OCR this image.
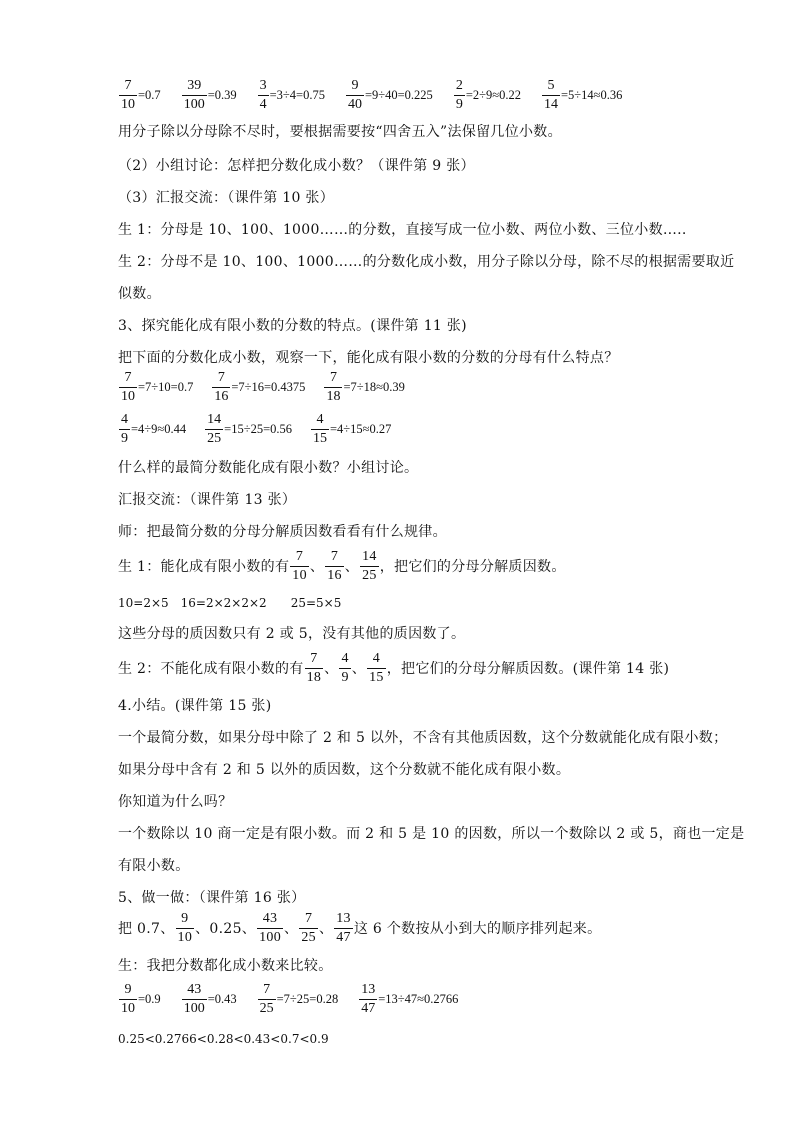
$\frac{7}{10} =0.7 \frac{39}{100} =0.39 \frac{3}{4} =3\div 4=0.75 \frac{9}{40} =9\div 40=0.225 \frac{2}{9} =2\div 9\approx 0.22 \frac{5}{14} =5\div 14\approx 0.36$
用分子除以分母除不尽时，要根据需要按“四舍五入”法保留几位小数。
（2）小组讨论：怎样把分数化成小数？（课件第 9 张）
（3）汇报交流：（课件第 10 张）
生 1：分母是 10、100、1000……的分数，直接写成一位小数、两位小数、三位小数…..
生 2：分母不是 10、100、1000……的分数化成小数，用分子除以分母，除不尽的根据需要取近
似数。
3、探究能化成有限小数的分数的特点。(课件第 11 张)
把下面的分数化成小数，观察一下，能化成有限小数的分数的分母有什么特点？
$\frac{7}{10} =7\div 10=0.7 \frac{7}{16} =7\div 16=0.4375 \frac{7}{18} =7\div 18\approx 0.39$
$\frac{4}{9} =4\div 9\approx 0.44 \frac{14}{25} =15\div 25=0.56 \frac{4}{15} =4\div 15\approx 0.27$
什么样的最简分数能化成有限小数？小组讨论。
汇报交流：（课件第 13 张）
师：把最简分数的分母分解质因数看看有什么规律。
生 1：能化成有限小数的有 $\frac{7}{10}$ 、 $\frac{7}{16}$ 、 $\frac{14}{25}$ ，把它们的分母分解质因数。
10=2×5 16=2×2×2×2 25=5×5
这些分母的质因数只有 2 或 5，没有其他的质因数了。
生 2：不能化成有限小数的有 $\frac{7}{18}$ 、 $\frac{4}{9}$ 、 $\frac{4}{15}$ ，把它们的分母分解质因数。(课件第 14 张)
4.小结。(课件第 15 张)
一个最简分数，如果分母中除了 2 和 5 以外，不含有其他质因数，这个分数就能化成有限小数；
如果分母中含有 2 和 5 以外的质因数，这个分数就不能化成有限小数。
你知道为什么吗？
一个数除以 10 商一定是有限小数。而 2 和 5 是 10 的因数，所以一个数除以 2 或 5，商也一定是
有限小数。
5、做一做：（课件第 16 张）
把 0.7、 $\frac{9}{10}$ 、0.25、 $\frac{43}{100}$ 、 $\frac{7}{25}$ 、 $\frac{13}{47}$ 这 6 个数按从小到大的顺序排列起来。
生：我把分数都化成小数来比较。
$\frac{9}{10} =0.9 \frac{43}{100} =0.43 \frac{7}{25} =7\div 25=0.28 \frac{13}{47} =13\div 47\approx 0.2766$
0.25<0.2766<0.28<0.43<0.7<0.9
